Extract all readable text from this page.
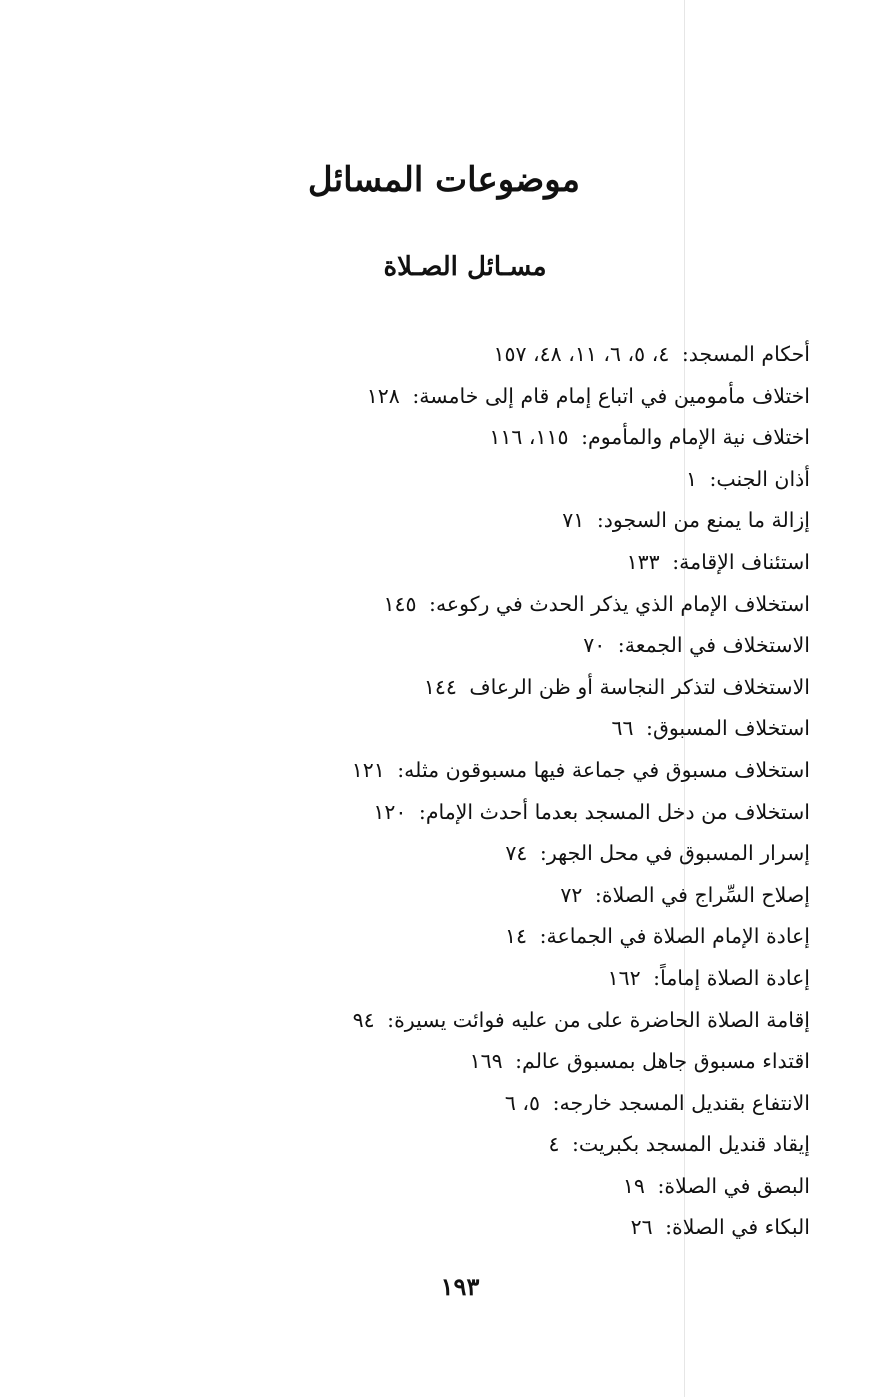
موضوعات المسائل
مسـائل الصـلاة
أحكام المسجد: ٤، ٥، ٦، ١١، ٤٨، ١٥٧
اختلاف مأمومين في اتباع إمام قام إلى خامسة: ١٢٨
اختلاف نية الإمام والمأموم: ١١٥، ١١٦
أذان الجنب: ١
إزالة ما يمنع من السجود: ٧١
استئناف الإقامة: ١٣٣
استخلاف الإمام الذي يذكر الحدث في ركوعه: ١٤٥
الاستخلاف في الجمعة: ٧٠
الاستخلاف لتذكر النجاسة أو ظن الرعاف ١٤٤
استخلاف المسبوق: ٦٦
استخلاف مسبوق في جماعة فيها مسبوقون مثله: ١٢١
استخلاف من دخل المسجد بعدما أحدث الإمام: ١٢٠
إسرار المسبوق في محل الجهر: ٧٤
إصلاح السِّراج في الصلاة: ٧٢
إعادة الإمام الصلاة في الجماعة: ١٤
إعادة الصلاة إماماً: ١٦٢
إقامة الصلاة الحاضرة على من عليه فوائت يسيرة: ٩٤
اقتداء مسبوق جاهل بمسبوق عالم: ١٦٩
الانتفاع بقنديل المسجد خارجه: ٥، ٦
إيقاد قنديل المسجد بكبريت: ٤
البصق في الصلاة: ١٩
البكاء في الصلاة: ٢٦
١٩٣
